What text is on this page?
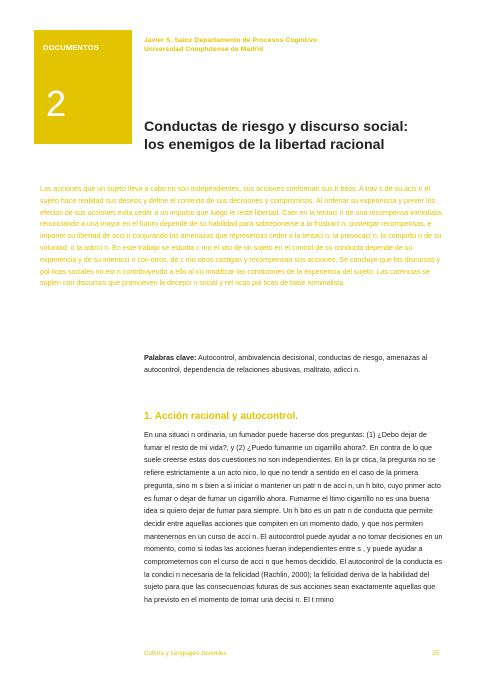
DOCUMENTOS
2
Javier S. Sainz Departamento de Procesos Cognitivo
Universidad Complutense de Madrid
Conductas de riesgo y discurso social:
los enemigos de la libertad racional

Las acciones que un sujeto lleva a cabo no son independientes, sus acciones conforman sus h bitos. A trav s de su acci n el sujeto hace realidad sus deseos y define el contexto de sus decisiones y compromisos. Al ordenar su experiencia y prever los efectos de sus acciones evita ceder a un impulso que luego le reste libertad. Caer en la tentaci n de una recompensa inmediata, renunciando a una mayor en el futuro depende de su habilidad para sobreponerse a la frustraci n, postergar recompensas, e imponer su libertad de acci n conjurando las amenazas que representan ceder a la tentaci n, la provocaci n, la compulsi n de su voluntad, o la adicci n. En este trabajo se estudia c mo el xito de un sujeto en el control de su conducta depende de su experiencia y de su interacci n con otros, de c mo otros castigan y recompensan sus acciones. Se concluye que los discursos y pol ticas sociales no est n contribuyendo a ello al no modificar las condiciones de la experiencia del sujeto. Las carencias se suplen con discursos que promueven la decepci n social y ret ricas pol ticas de base nominalista.

Palabras clave: Autocontrol, ambivalencia decisional, conductas de riesgo, amenazas al autocontrol, dependencia de relaciones abusivas, maltrato, adicci n.

1. Acción racional y autocontrol.

En una situaci n ordinaria, un fumador puede hacerse dos preguntas: (1) ¿Debo dejar de fumar el resto de mi vida?, y (2) ¿Puedo fumarme un cigarrillo ahora?. En contra de lo que suele creerse estas dos cuestiones no son independientes. En la pr ctica, la pregunta no se refiere estrictamente a un acto nico, lo que no tendr a sentido en el caso de la primera pregunta, sino m s bien a si iniciar o mantener un patr n de acci n, un h bito, cuyo primer acto es fumar o dejar de fumar un cigarrillo ahora. Fumarme el ltimo cigarrillo no es una buena idea si quiero dejar de fumar para siempre. Un h bito es un patr n de conducta que permite decidir entre aquellas acciones que compiten en un momento dado, y que nos permiten mantenernos en un curso de acci n. El autocontrol puede ayudar a no tomar decisiones en un momento, como si todas las acciones fueran independientes entre s , y puede ayudar a comprometernos con el curso de acci n que hemos decidido. El autocontrol de la conducta es la condici n necesaria de la felicidad (Rachlin, 2000); la felicidad deriva de la habilidad del sujeto para que las consecuencias futuras de sus acciones sean exactamente aquellas que ha previsto en el momento de tomar una decisi n. El t rmino

Cultura y Lenguajes Juveniles	25
